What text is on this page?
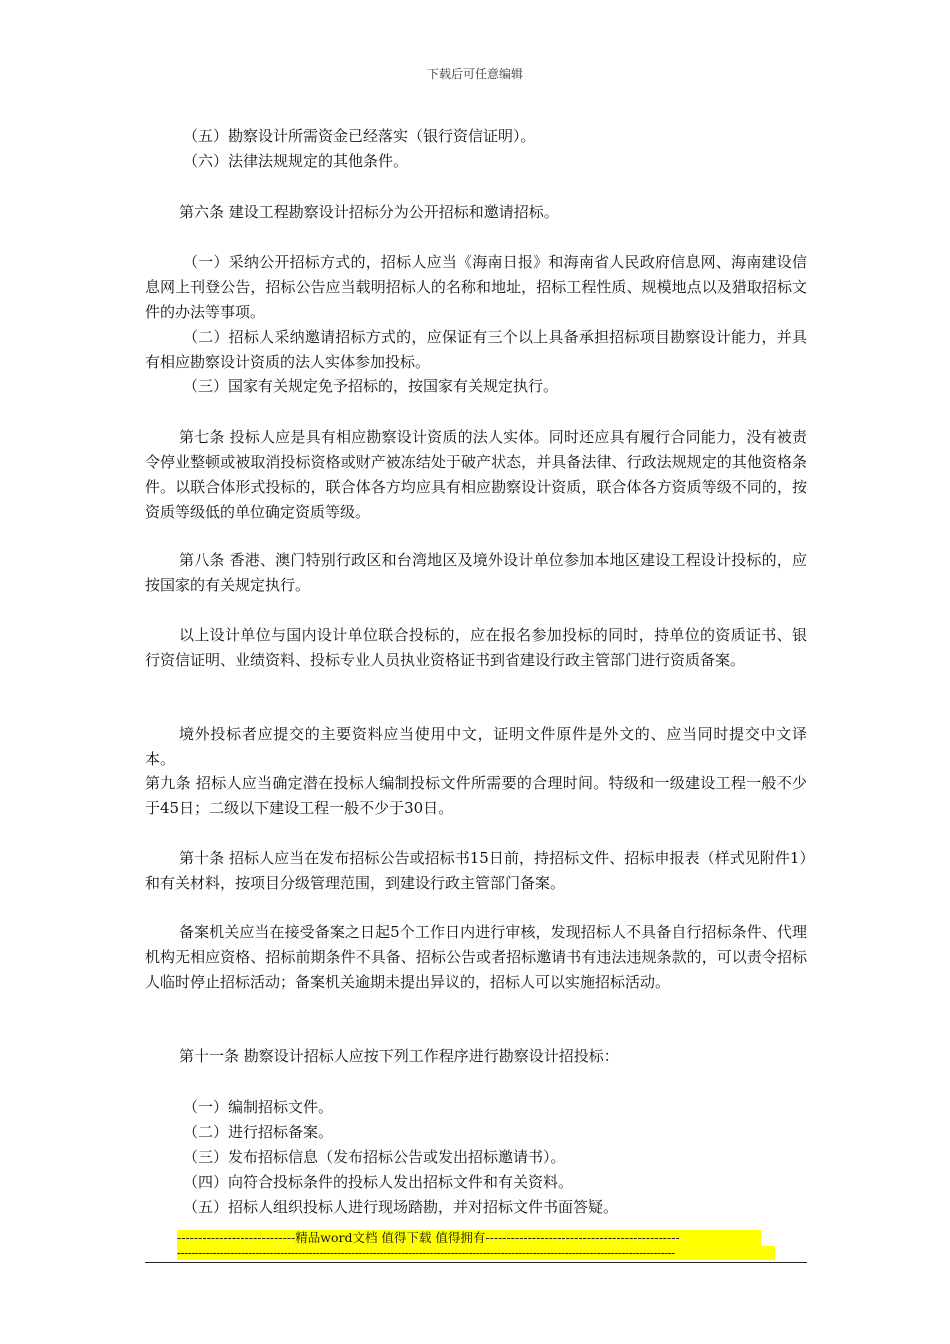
下载后可任意编辑

（五）勘察设计所需资金已经落实（银行资信证明）。

（六）法律法规规定的其他条件。

第六条 建设工程勘察设计招标分为公开招标和邀请招标。

（一）采纳公开招标方式的，招标人应当《海南日报》和海南省人民政府信息网、海南建设信息网上刊登公告，招标公告应当载明招标人的名称和地址，招标工程性质、规模地点以及猎取招标文件的办法等事项。

（二）招标人采纳邀请招标方式的，应保证有三个以上具备承担招标项目勘察设计能力，并具有相应勘察设计资质的法人实体参加投标。

（三）国家有关规定免予招标的，按国家有关规定执行。

第七条 投标人应是具有相应勘察设计资质的法人实体。同时还应具有履行合同能力，没有被责令停业整顿或被取消投标资格或财产被冻结处于破产状态，并具备法律、行政法规规定的其他资格条件。以联合体形式投标的，联合体各方均应具有相应勘察设计资质，联合体各方资质等级不同的，按资质等级低的单位确定资质等级。

第八条 香港、澳门特别行政区和台湾地区及境外设计单位参加本地区建设工程设计投标的，应按国家的有关规定执行。

以上设计单位与国内设计单位联合投标的，应在报名参加投标的同时，持单位的资质证书、银行资信证明、业绩资料、投标专业人员执业资格证书到省建设行政主管部门进行资质备案。

境外投标者应提交的主要资料应当使用中文，证明文件原件是外文的、应当同时提交中文译本。

第九条 招标人应当确定潜在投标人编制投标文件所需要的合理时间。特级和一级建设工程一般不少于45日；二级以下建设工程一般不少于30日。

第十条 招标人应当在发布招标公告或招标书15日前，持招标文件、招标申报表（样式见附件1）和有关材料，按项目分级管理范围，到建设行政主管部门备案。

备案机关应当在接受备案之日起5个工作日内进行审核，发现招标人不具备自行招标条件、代理机构无相应资格、招标前期条件不具备、招标公告或者招标邀请书有违法违规条款的，可以责令招标人临时停止招标活动；备案机关逾期未提出异议的，招标人可以实施招标活动。

第十一条 勘察设计招标人应按下列工作程序进行勘察设计招投标：

（一）编制招标文件。

（二）进行招标备案。

（三）发布招标信息（发布招标公告或发出招标邀请书）。

（四）向符合投标条件的投标人发出招标文件和有关资料。

（五）招标人组织投标人进行现场踏勘，并对招标文件书面答疑。

----------------------------精品word文档 值得下载 值得拥有----------------------------------------------
--------------------------------------------------------------------------------------------------------------------------------------------
